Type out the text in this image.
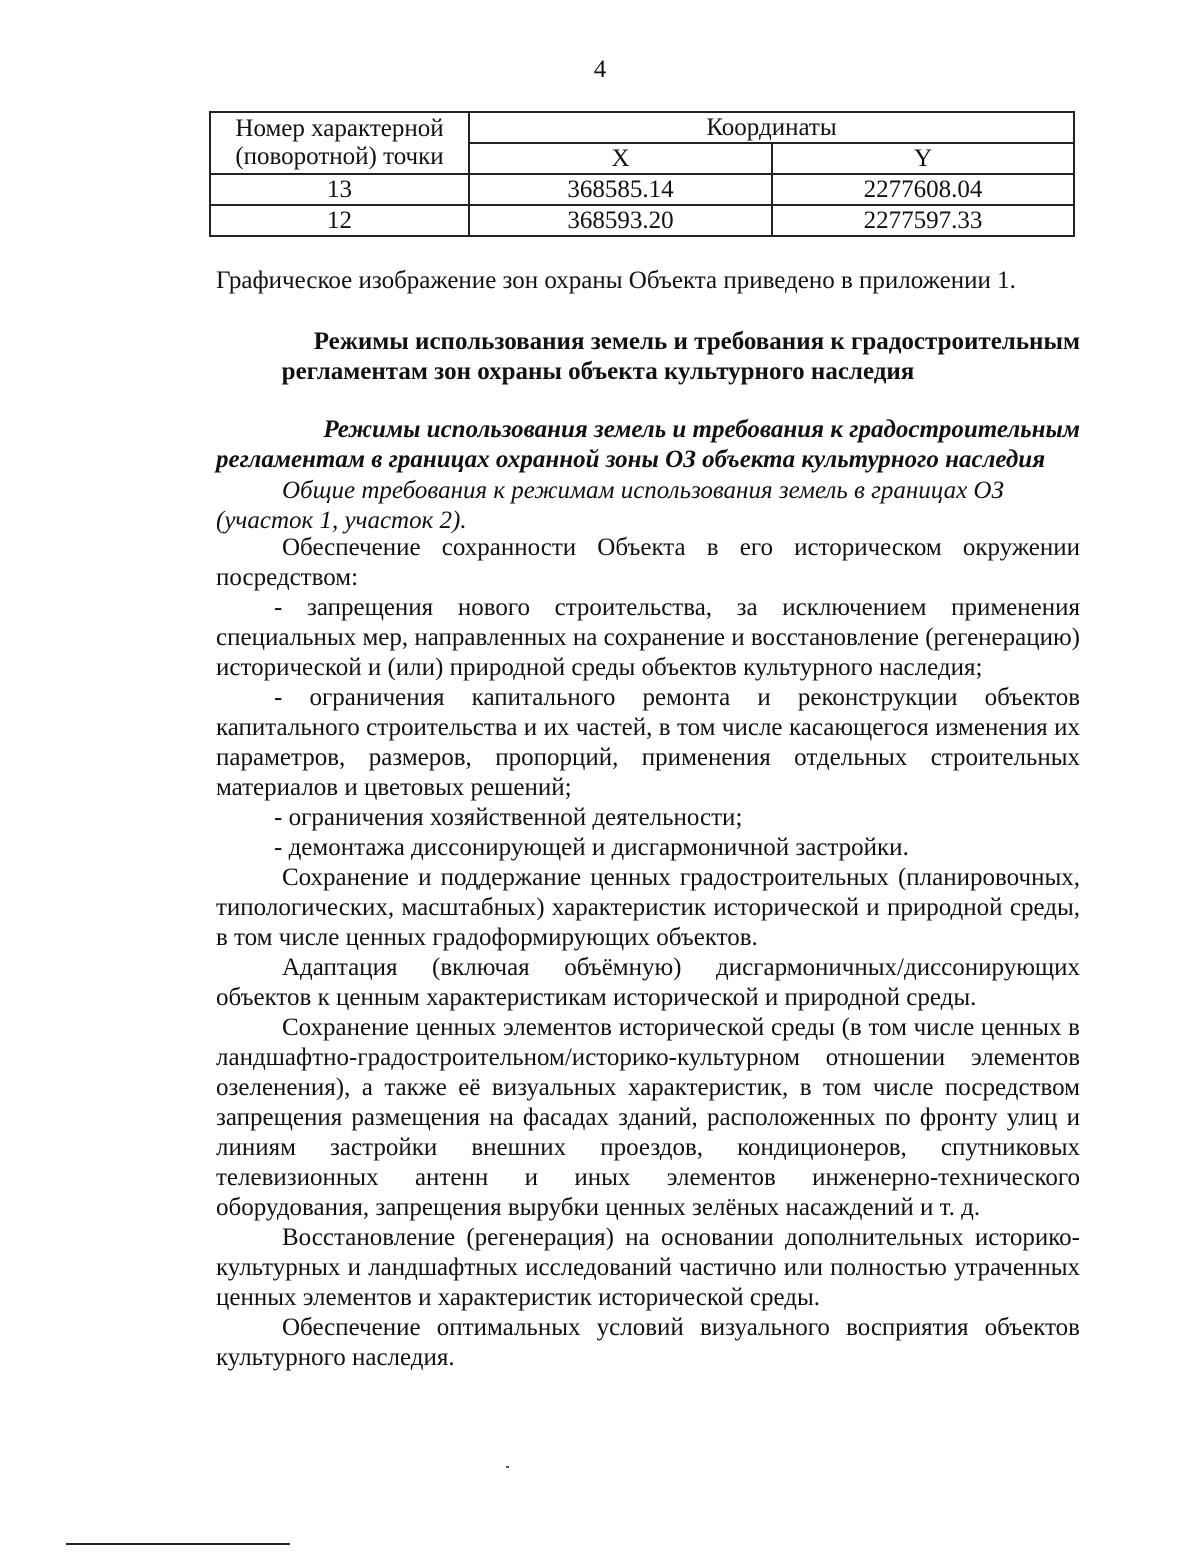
4
Номер характерной
(поворотной) точки	Координаты	
	X	Y
13	368585.14	2277608.04
12	368593.20	2277597.33
Графическое изображение зон охраны Объекта приведено в приложении 1.
Режимы использования земель и требования к градостроительным
регламентам зон охраны объекта культурного наследия
Режимы использования земель и требования к градостроительным
регламентам в границах охранной зоны ОЗ объекта культурного наследия
Общие требования к режимам использования земель в границах ОЗ
(участок 1, участок 2).

Обеспечение сохранности Объекта в его историческом окружении посредством:

- запрещения нового строительства, за исключением применения специальных мер, направленных на сохранение и восстановление (регенерацию) исторической и (или) природной среды объектов культурного наследия;

- ограничения капитального ремонта и реконструкции объектов капитального строительства и их частей, в том числе касающегося изменения их параметров, размеров, пропорций, применения отдельных строительных материалов и цветовых решений;

- ограничения хозяйственной деятельности;

- демонтажа диссонирующей и дисгармоничной застройки.

Сохранение и поддержание ценных градостроительных (планировочных, типологических, масштабных) характеристик исторической и природной среды, в том числе ценных градоформирующих объектов.

Адаптация (включая объёмную) дисгармоничных/диссонирующих объектов к ценным характеристикам исторической и природной среды.

Сохранение ценных элементов исторической среды (в том числе ценных в ландшафтно-градостроительном/историко-культурном отношении элементов озеленения), а также её визуальных характеристик, в том числе посредством запрещения размещения на фасадах зданий, расположенных по фронту улиц и линиям застройки внешних проездов, кондиционеров, спутниковых телевизионных антенн и иных элементов инженерно-технического оборудования, запрещения вырубки ценных зелёных насаждений и т. д.

Восстановление (регенерация) на основании дополнительных историко-культурных и ландшафтных исследований частично или полностью утраченных ценных элементов и характеристик исторической среды.

Обеспечение оптимальных условий визуального восприятия объектов культурного наследия.
